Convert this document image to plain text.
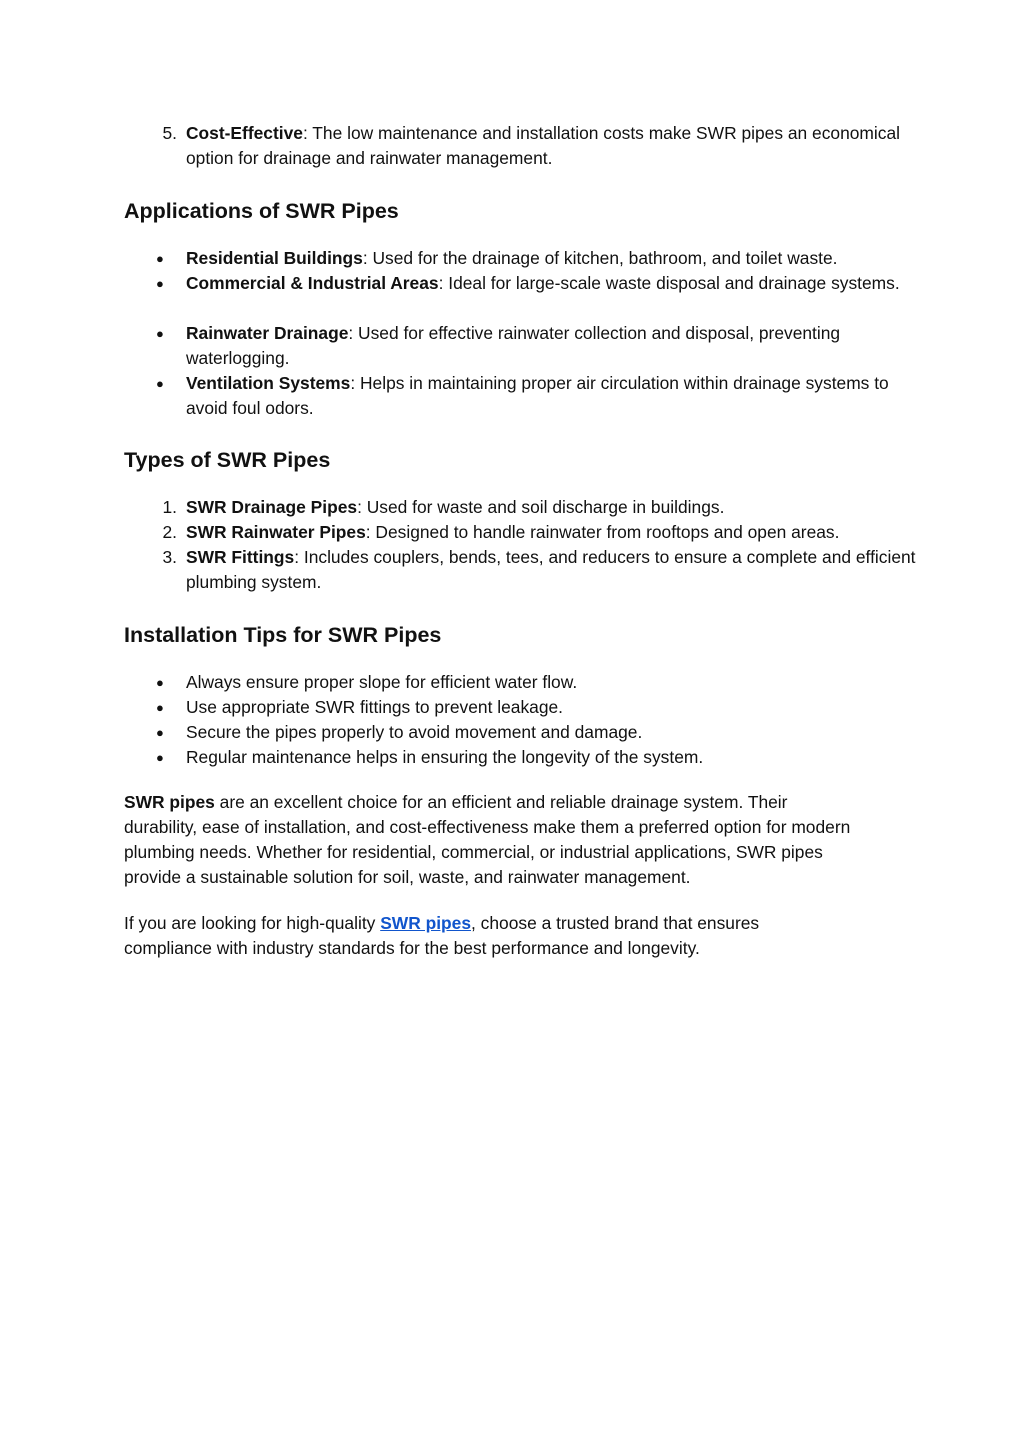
5. Cost-Effective: The low maintenance and installation costs make SWR pipes an economical option for drainage and rainwater management.
Applications of SWR Pipes
● Residential Buildings: Used for the drainage of kitchen, bathroom, and toilet waste.
● Commercial & Industrial Areas: Ideal for large-scale waste disposal and drainage systems.
● Rainwater Drainage: Used for effective rainwater collection and disposal, preventing waterlogging.
● Ventilation Systems: Helps in maintaining proper air circulation within drainage systems to avoid foul odors.
Types of SWR Pipes
1. SWR Drainage Pipes: Used for waste and soil discharge in buildings.
2. SWR Rainwater Pipes: Designed to handle rainwater from rooftops and open areas.
3. SWR Fittings: Includes couplers, bends, tees, and reducers to ensure a complete and efficient plumbing system.
Installation Tips for SWR Pipes
● Always ensure proper slope for efficient water flow.
● Use appropriate SWR fittings to prevent leakage.
● Secure the pipes properly to avoid movement and damage.
● Regular maintenance helps in ensuring the longevity of the system.

SWR pipes are an excellent choice for an efficient and reliable drainage system. Their durability, ease of installation, and cost-effectiveness make them a preferred option for modern plumbing needs. Whether for residential, commercial, or industrial applications, SWR pipes provide a sustainable solution for soil, waste, and rainwater management.

If you are looking for high-quality SWR pipes, choose a trusted brand that ensures compliance with industry standards for the best performance and longevity.
